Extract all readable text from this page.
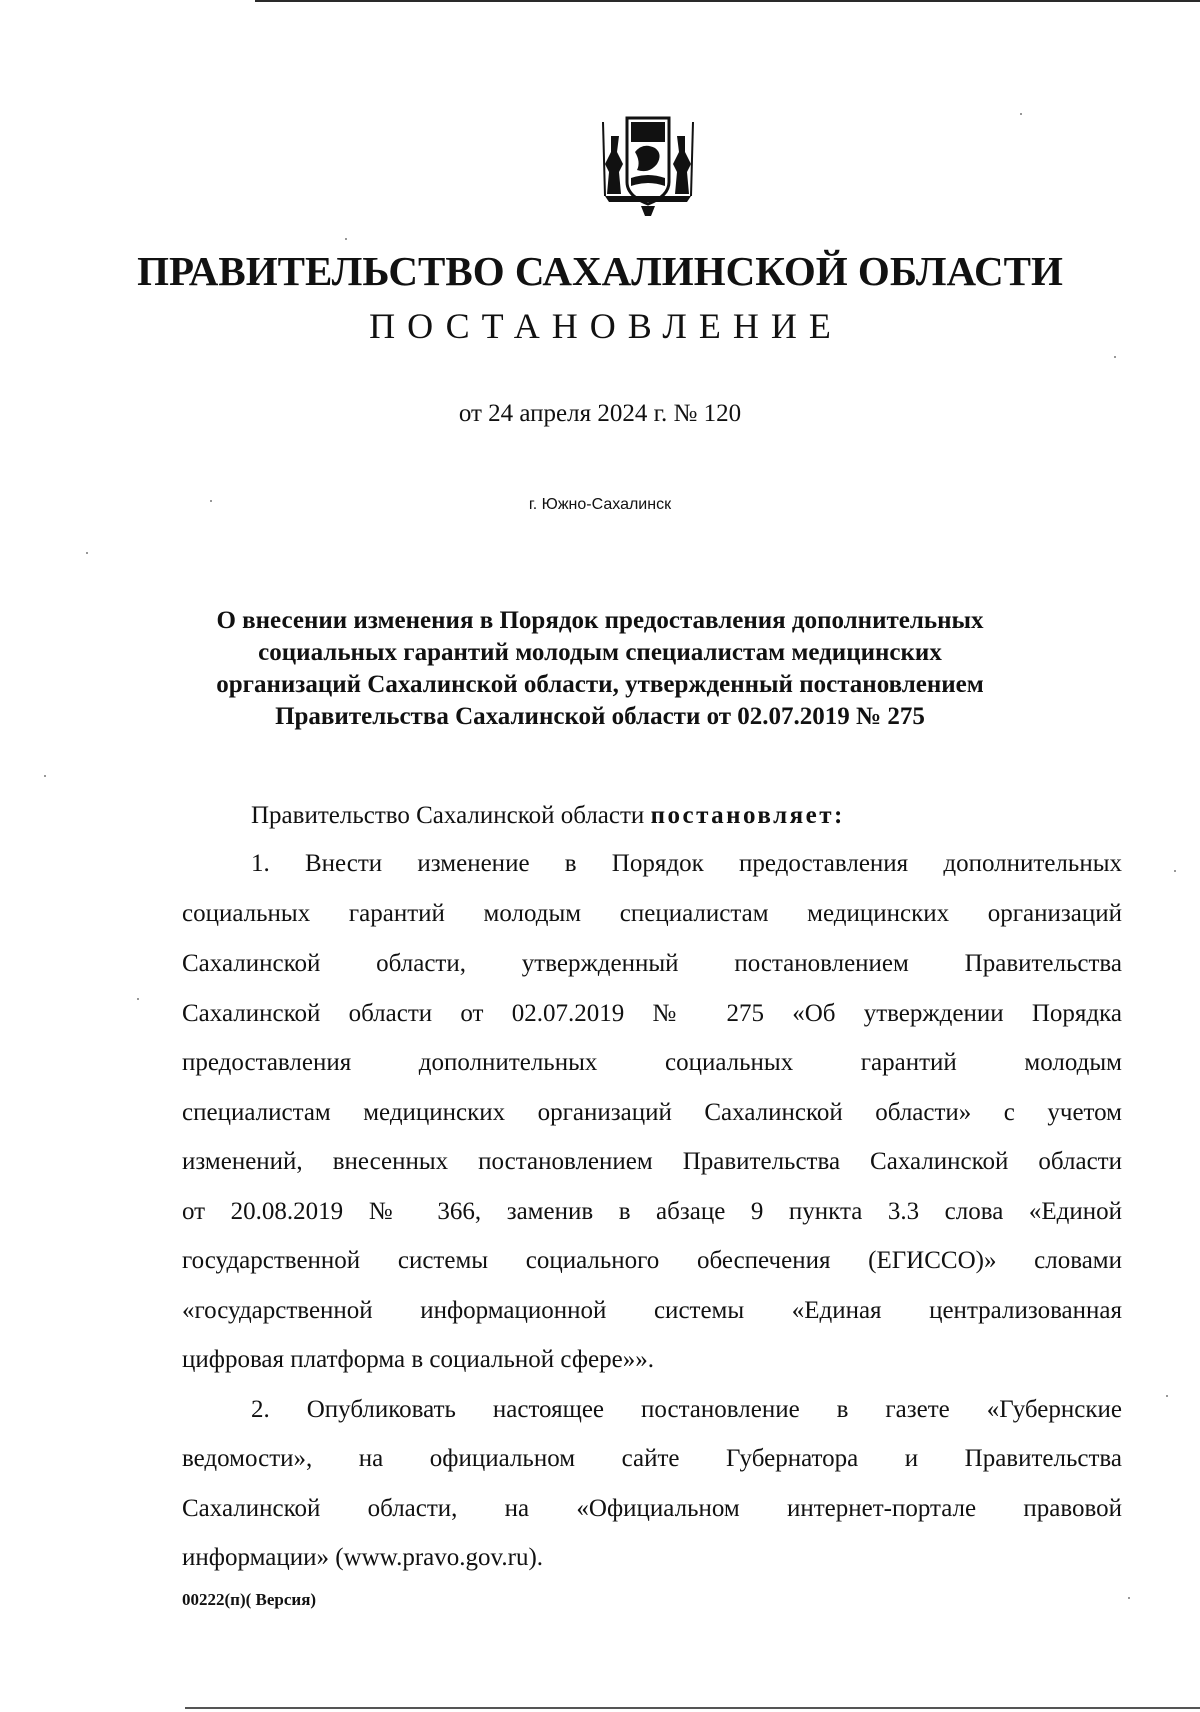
ПРАВИТЕЛЬСТВО САХАЛИНСКОЙ ОБЛАСТИ
ПОСТАНОВЛЕНИЕ
от 24 апреля 2024 г. № 120
г. Южно-Сахалинск
О внесении изменения в Порядок предоставления дополнительных
социальных гарантий молодым специалистам медицинских
организаций Сахалинской области, утвержденный постановлением
Правительства Сахалинской области от 02.07.2019 № 275
Правительство Сахалинской области постановляет:
1. Внести изменение в Порядок предоставления дополнительных
социальных гарантий молодым специалистам медицинских организаций
Сахалинской области, утвержденный постановлением Правительства
Сахалинской области от 02.07.2019 № 275 «Об утверждении Порядка
предоставления дополнительных социальных гарантий молодым
специалистам медицинских организаций Сахалинской области» с учетом
изменений, внесенных постановлением Правительства Сахалинской области
от 20.08.2019 № 366, заменив в абзаце 9 пункта 3.3 слова «Единой
государственной системы социального обеспечения (ЕГИССО)» словами
«государственной информационной системы «Единая централизованная
цифровая платформа в социальной сфере»».
2. Опубликовать настоящее постановление в газете «Губернские
ведомости», на официальном сайте Губернатора и Правительства
Сахалинской области, на «Официальном интернет-портале правовой
информации» (www.pravo.gov.ru).
00222(п)( Версия)
